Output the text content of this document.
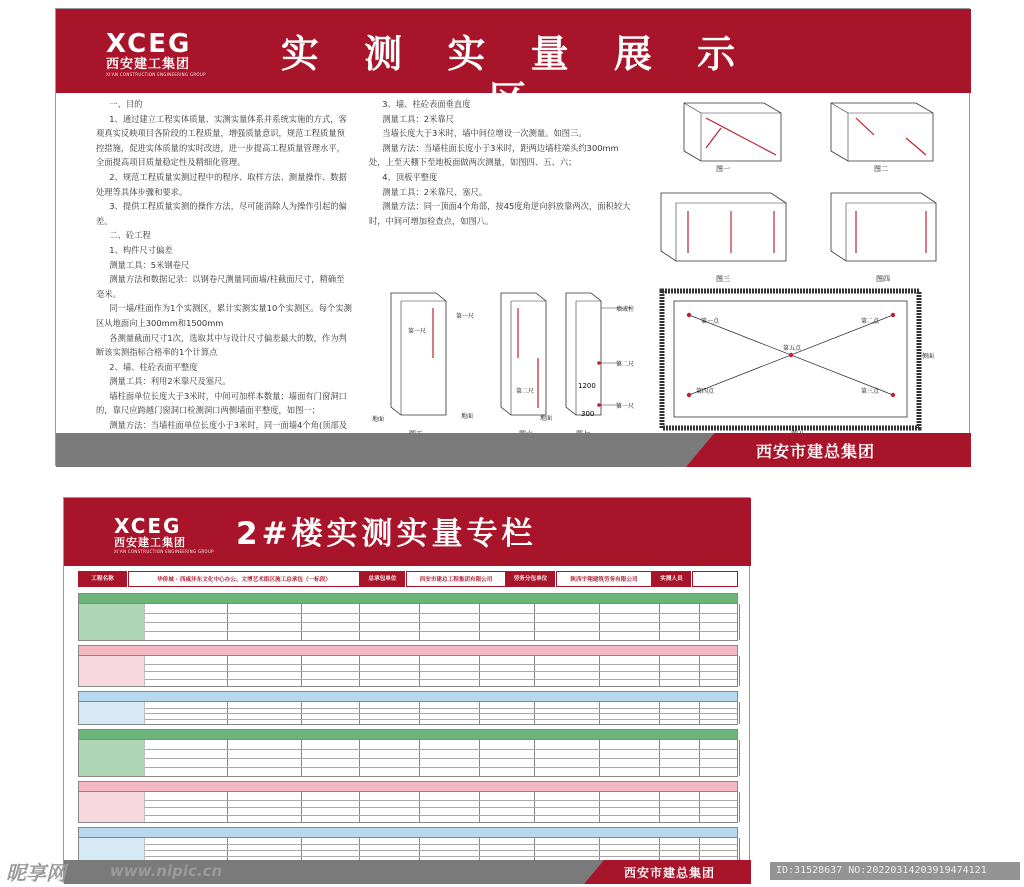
XCEG
西安建工集团
XI'AN CONSTRUCTION ENGINEERING GROUP	实 测 实 量 展 示 区

一、目的

1、通过建立工程实体质量、实测实量体系并系统实施的方式，客观真实反映项目各阶段的工程质量，增强质量意识，规范工程质量预控措施，促进实体质量的实时改进，进一步提高工程质量管理水平，全面提高项目质量稳定性及精细化管理。

2、规范工程质量实测过程中的程序、取样方法、测量操作、数据处理等具体步骤和要求。

3、提供工程质量实测的操作方法，尽可能消除人为操作引起的偏差。

二、砼工程

1、构件尺寸偏差

测量工具：5米钢卷尺

测量方法和数据记录：以钢卷尺测量同面墙/柱截面尺寸，精确至毫米。

同一墙/柱面作为1个实测区，累计实测实量10个实测区。每个实测区从地面向上300mm和1500mm

各测量截面尺寸1次，选取其中与设计尺寸偏差最大的数，作为判断该实测指标合格率的1个计算点

2、墙、柱砼表面平整度

测量工具：利用2米靠尺及塞尺。

墙柱面单位长度大于3米时，中间可加样本数量；墙面有门窗洞口的，靠尺应跨越门窗洞口检测洞口两侧墙面平整度，如图一；

测量方法：当墙柱面单位长度小于3米时，同一面墙4个角(顶部及

3、墙、柱砼表面垂直度

测量工具：2米靠尺

当墙长度大于3米时，墙中间位增设一次测量。如图三。

测量方法：当墙柱面长度小于3米时，距两边墙柱端头约300mm处，上至天棚下至地板面做两次测量，如图四、五、六；

4、顶板平整度

测量工具：2米靠尺、塞尺。

测量方法：同一顶面4个角部，按45度角逆向斜放靠两次，面积较大时，中间可增加检查点，如图八。

图一	图二
图三	图四
第一尺
地面
第一尺
第二尺
地面
1200
300
第二尺
第一尺
墙或柱
地面
第一点	第二点
第五点
第四点	第三点
侧面
西安市建总集团
XCEG
西安建工集团
XI'AN CONSTRUCTION ENGINEERING GROUP 2#楼实测实量专栏
工程名称	华侨城 · 西咸沣东文化中心办公、文博艺术街区施工总承包（一标段）	总承包单位	西安市建总工程集团有限公司	劳务分包单位	陕西宇翔建筑劳务有限公司	实测人员
西安市建总集团
昵享网	www.nipic.cn	ID:31528637 NO:20220314203919474121
